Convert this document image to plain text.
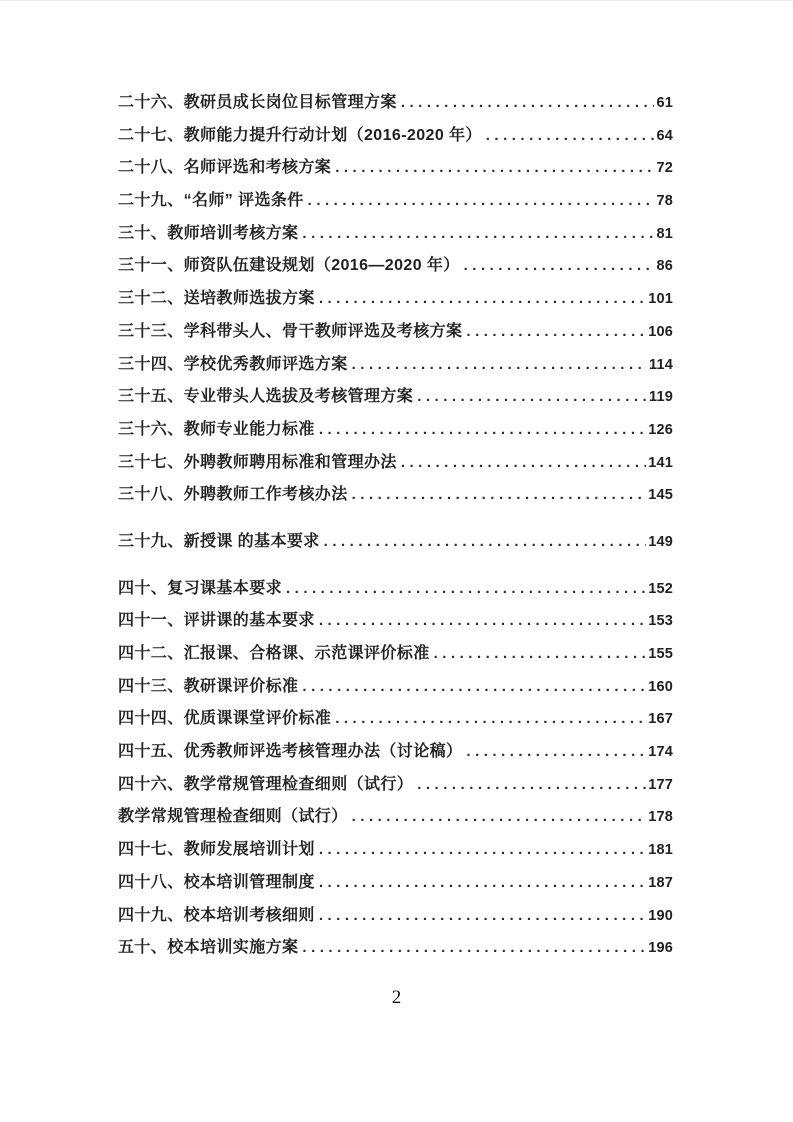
二十六、教研员成长岗位目标管理方案 .....	61
二十七、教师能力提升行动计划（2016-2020 年） .....	64
二十八、名师评选和考核方案 .....	72
二十九、“名师” 评选条件 .....	78
三十、教师培训考核方案 .....	81
三十一、师资队伍建设规划（2016—2020 年） .....	86
三十二、送培教师选拔方案 .....	101
三十三、学科带头人、骨干教师评选及考核方案 .....	106
三十四、学校优秀教师评选方案 .....	114
三十五、专业带头人选拔及考核管理方案 .....	119
三十六、教师专业能力标准 .....	126
三十七、外聘教师聘用标准和管理办法 .....	141
三十八、外聘教师工作考核办法 .....	145
三十九、新授课 的基本要求 .....	149
四十、复习课基本要求 .....	152
四十一、评讲课的基本要求 .....	153
四十二、汇报课、合格课、示范课评价标准 .....	155
四十三、教研课评价标准 .....	160
四十四、优质课课堂评价标准 .....	167
四十五、优秀教师评选考核管理办法（讨论稿） .....	174
四十六、教学常规管理检查细则（试行） .....	177
教学常规管理检查细则（试行） .....	178
四十七、教师发展培训计划 .....	181
四十八、校本培训管理制度 .....	187
四十九、校本培训考核细则 .....	190
五十、校本培训实施方案 .....	196
2
